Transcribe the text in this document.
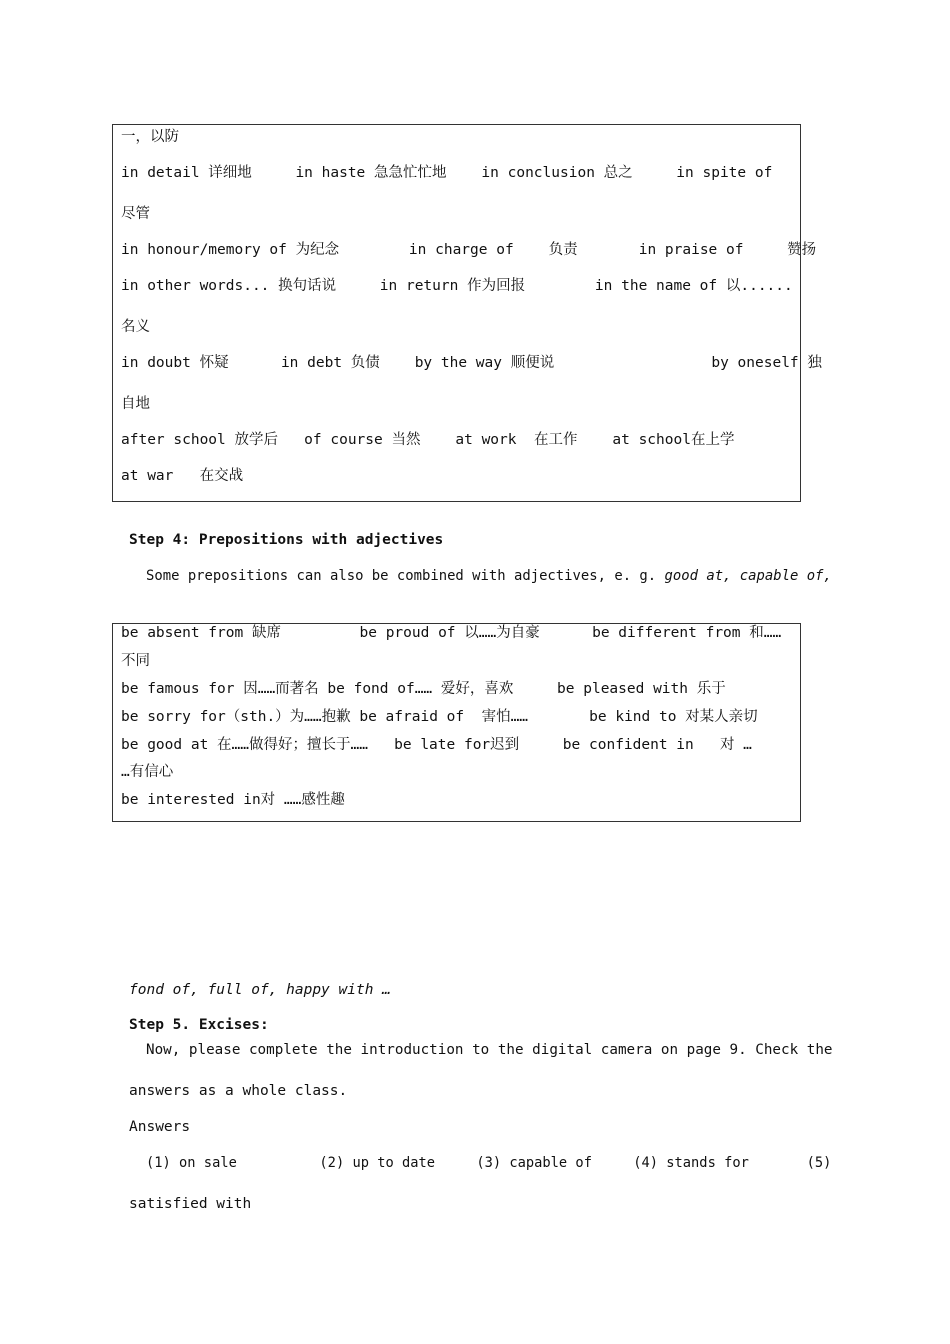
一，以防
in detail 详细地     in haste 急急忙忙地    in conclusion 总之     in spite of
尽管
in honour/memory of 为纪念        in charge of    负责       in praise of     赞扬
in other words... 换句话说     in return 作为回报        in the name of 以......
名义
in doubt 怀疑      in debt 负债    by the way 顺便说                  by oneself 独
自地
after school 放学后   of course 当然    at work  在工作    at school在上学
at war   在交战
Step 4: Prepositions with adjectives
Some prepositions can also be combined with adjectives, e. g. good at, capable of,
be absent from 缺席         be proud of 以……为自豪      be different from 和……
不同
be famous for 因……而著名 be fond of…… 爱好，喜欢     be pleased with 乐于
be sorry for（sth.）为……抱歉 be afraid of  害怕……       be kind to 对某人亲切
be good at 在……做得好；擅长于……   be late for迟到     be confident in   对 …
…有信心
be interested in对 ……感性趣
fond of, full of, happy with …
Step 5. Excises:
Now, please complete the introduction to the digital camera on page 9. Check the
answers as a whole class.
Answers
(1) on sale          (2) up to date     (3) capable of     (4) stands for       (5)
satisfied with
